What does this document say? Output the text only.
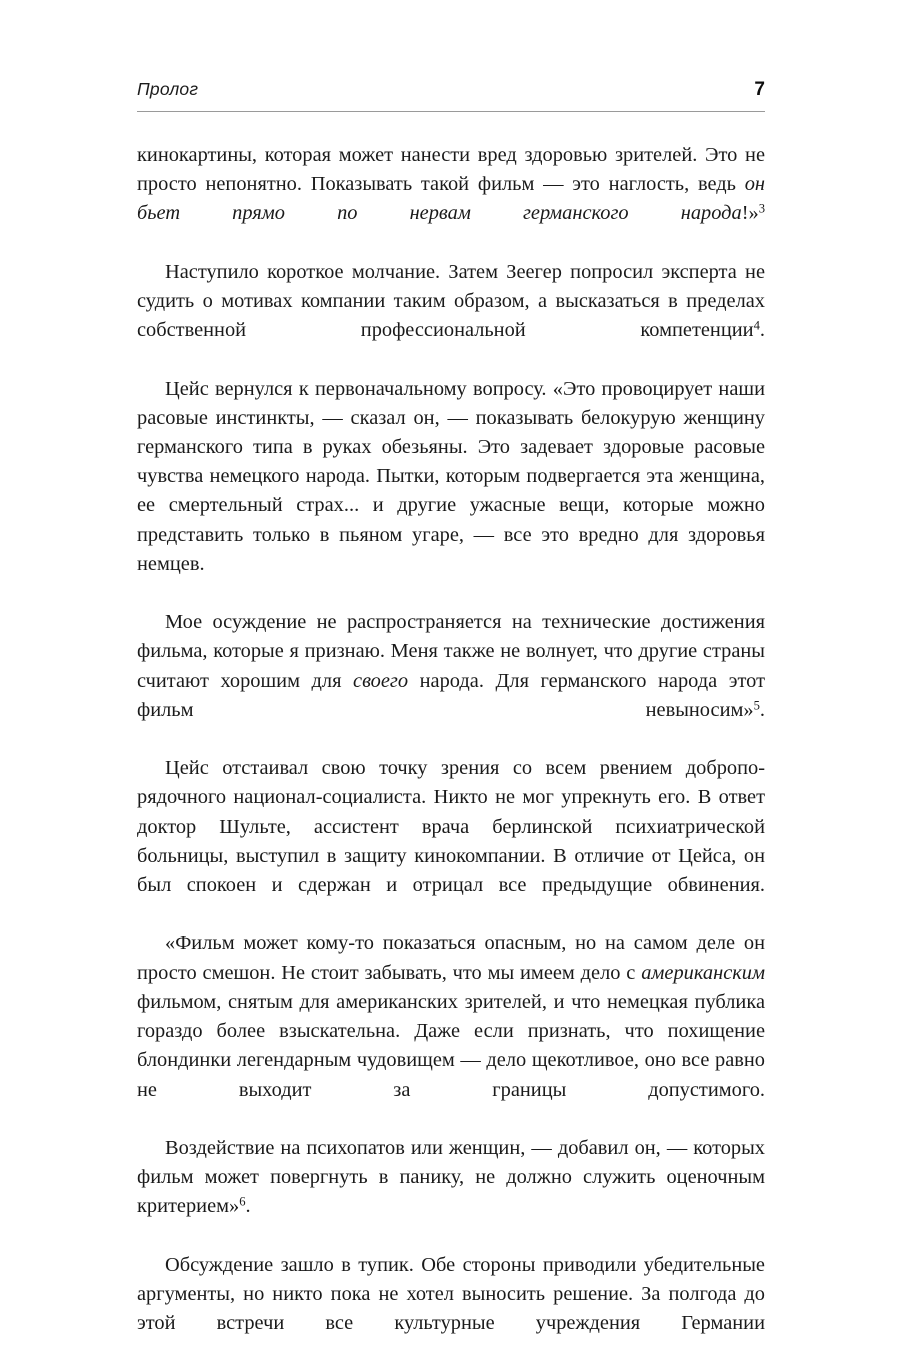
Пролог	7

кинокартины, которая может нанести вред здоровью зрителей. Это не просто непонятно. Показывать такой фильм — это наглость, ведь он бьет прямо по нервам германского народа!»$^3$

Наступило короткое молчание. Затем Зеегер попросил эксперта не судить о мотивах компании таким образом, а высказаться в пределах собственной профессиональной компетенции$^4$.

Цейс вернулся к первоначальному вопросу. «Это провоцирует наши расовые инстинкты, — сказал он, — показывать белокурую женщину германского типа в руках обезьяны. Это задевает здоровые расовые чувства немецкого народа. Пытки, которым подвергается эта женщина, ее смертельный страх... и другие ужасные вещи, которые можно представить только в пьяном угаре, — все это вредно для здоровья немцев.

Мое осуждение не распространяется на технические достижения фильма, которые я признаю. Меня также не волнует, что другие страны считают хорошим для своего народа. Для германского народа этот фильм невыносим»$^5$.

Цейс отстаивал свою точку зрения со всем рвением добропорядочного национал-социалиста. Никто не мог упрекнуть его. В ответ доктор Шульте, ассистент врача берлинской психиатрической больницы, выступил в защиту кинокомпании. В отличие от Цейса, он был спокоен и сдержан и отрицал все предыдущие обвинения.

«Фильм может кому-то показаться опасным, но на самом деле он просто смешон. Не стоит забывать, что мы имеем дело с американским фильмом, снятым для американских зрителей, и что немецкая публика гораздо более взыскательна. Даже если признать, что похищение блондинки легендарным чудовищем — дело щекотливое, оно все равно не выходит за границы допустимого.

Воздействие на психопатов или женщин, — добавил он, — которых фильм может повергнуть в панику, не должно служить оценочным критерием»$^6$.

Обсуждение зашло в тупик. Обе стороны приводили убедительные аргументы, но никто пока не хотел выносить решение. За полгода до этой встречи все культурные учреждения Германии
